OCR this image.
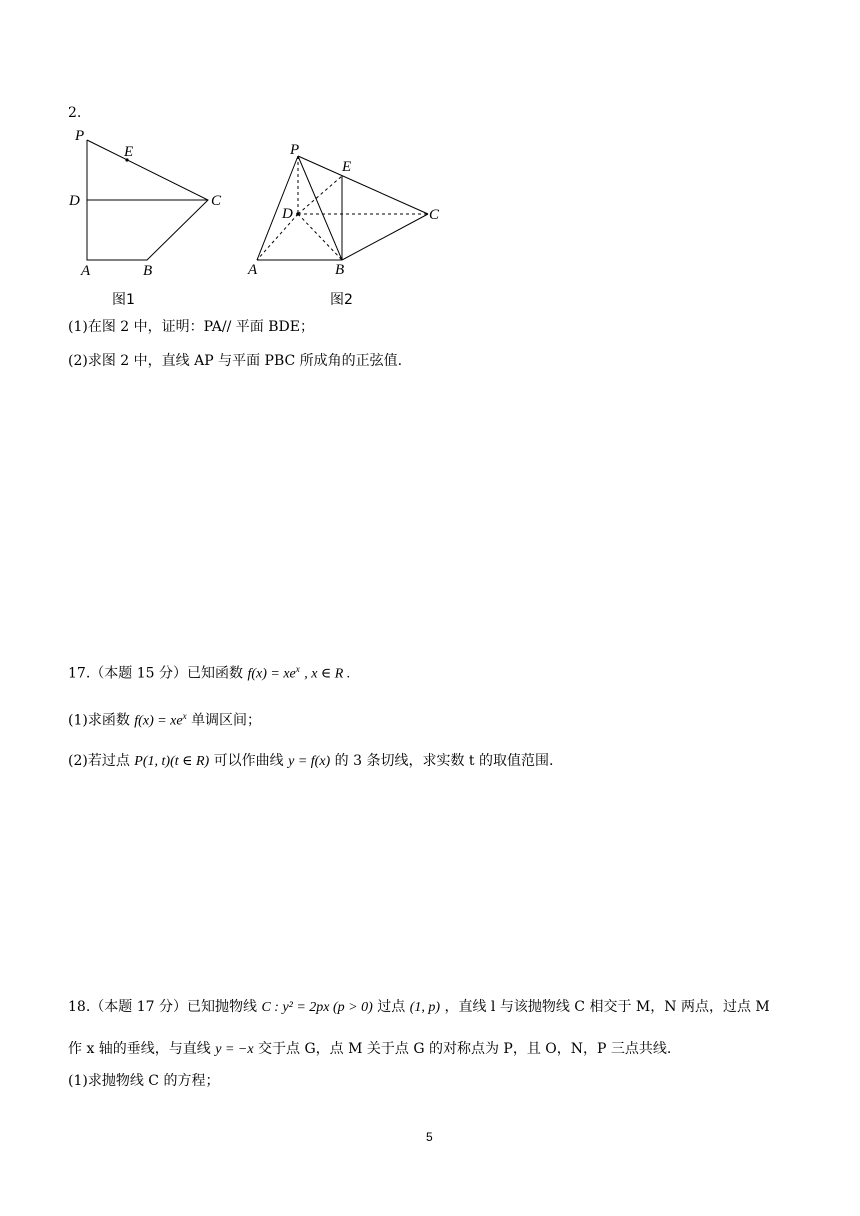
2.
P
E
D	C
A	B
图1
P
E
D	C
A	B
图2
(1)在图 2 中，证明：PA// 平面 BDE；
(2)求图 2 中，直线 AP 与平面 PBC 所成角的正弦值.
17.（本题 15 分）已知函数 $f(x) = xe^x$ , x ∈ R .
(1)求函数 $f(x) = xe^x$ 单调区间；
(2)若过点 P(1, t)(t ∈ R) 可以作曲线 y = f(x) 的 3 条切线，求实数 t 的取值范围.
18.（本题 17 分）已知抛物线 C : y² = 2px (p > 0) 过点 (1, p) ，直线 l 与该抛物线 C 相交于 M，N 两点，过点 M
作 x 轴的垂线，与直线 y = −x 交于点 G，点 M 关于点 G 的对称点为 P，且 O，N，P 三点共线.
(1)求抛物线 C 的方程；
5
